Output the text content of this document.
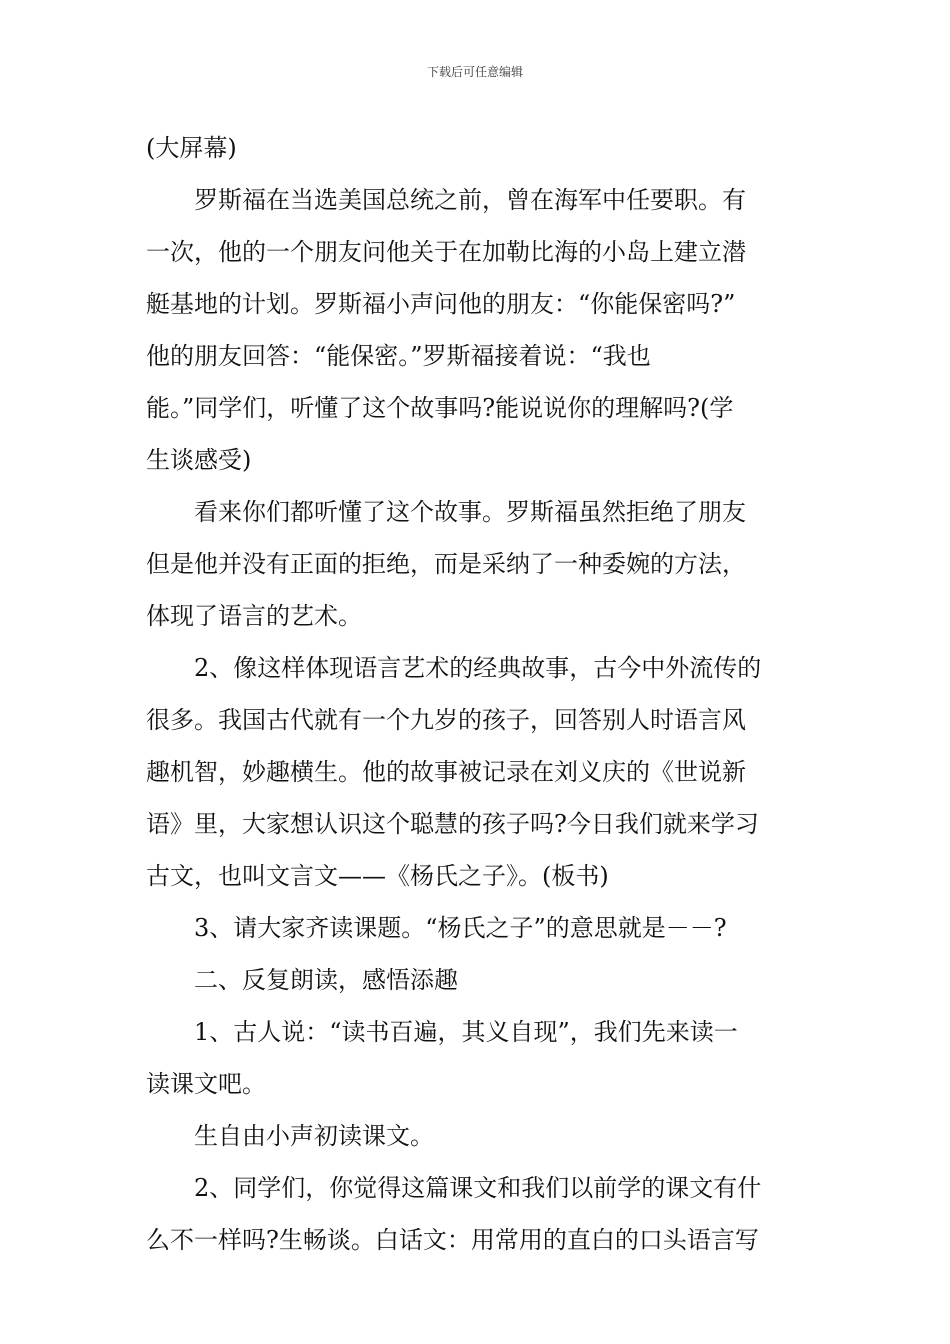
下载后可任意编辑
(大屏幕)
罗斯福在当选美国总统之前，曾在海军中任要职。有
一次，他的一个朋友问他关于在加勒比海的小岛上建立潜
艇基地的计划。罗斯福小声问他的朋友：“你能保密吗?”
他的朋友回答：“能保密。”罗斯福接着说：“我也
能。”同学们，听懂了这个故事吗?能说说你的理解吗?(学
生谈感受)
看来你们都听懂了这个故事。罗斯福虽然拒绝了朋友
但是他并没有正面的拒绝，而是采纳了一种委婉的方法，
体现了语言的艺术。
2、像这样体现语言艺术的经典故事，古今中外流传的
很多。我国古代就有一个九岁的孩子，回答别人时语言风
趣机智，妙趣横生。他的故事被记录在刘义庆的《世说新
语》里，大家想认识这个聪慧的孩子吗?今日我们就来学习
古文，也叫文言文——《杨氏之子》。(板书)
3、请大家齐读课题。“杨氏之子”的意思就是－－?
二、反复朗读，感悟添趣
1、古人说：“读书百遍，其义自现”，我们先来读一
读课文吧。
生自由小声初读课文。
2、同学们，你觉得这篇课文和我们以前学的课文有什
么不一样吗?生畅谈。白话文：用常用的直白的口头语言写
